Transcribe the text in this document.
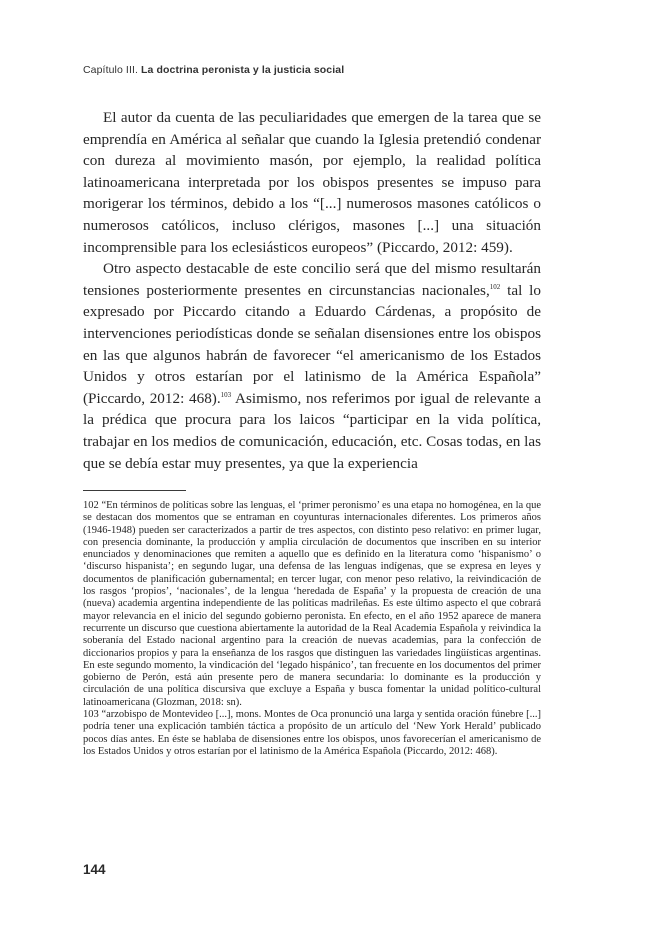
Capítulo III. La doctrina peronista y la justicia social

El autor da cuenta de las peculiaridades que emergen de la tarea que se emprendía en América al señalar que cuando la Iglesia pretendió condenar con dureza al movimiento masón, por ejemplo, la realidad política latinoamericana interpretada por los obispos presentes se impuso para morigerar los términos, debido a los “[...] numerosos masones católicos o numerosos católicos, incluso clérigos, masones [...] una situación incomprensible para los eclesiásticos europeos” (Piccardo, 2012: 459).

Otro aspecto destacable de este concilio será que del mismo resultarán tensiones posteriormente presentes en circunstancias nacionales,$^{102}$ tal lo expresado por Piccardo citando a Eduardo Cárdenas, a propósito de intervenciones periodísticas donde se señalan disensiones entre los obispos en las que algunos habrán de favorecer “el americanismo de los Estados Unidos y otros estarían por el latinismo de la América Española” (Piccardo, 2012: 468).$^{103}$ Asimismo, nos referimos por igual de relevante a la prédica que procura para los laicos “participar en la vida política, trabajar en los medios de comunicación, educación, etc. Cosas todas, en las que se debía estar muy presentes, ya que la experiencia

102 “En términos de políticas sobre las lenguas, el ‘primer peronismo’ es una etapa no homogénea, en la que se destacan dos momentos que se entraman en coyunturas internacionales diferentes. Los primeros años (1946-1948) pueden ser caracterizados a partir de tres aspectos, con distinto peso relativo: en primer lugar, con presencia dominante, la producción y amplia circulación de documentos que inscriben en su interior enunciados y denominaciones que remiten a aquello que es definido en la literatura como ‘hispanismo’ o ‘discurso hispanista’; en segundo lugar, una defensa de las lenguas indígenas, que se expresa en leyes y documentos de planificación gubernamental; en tercer lugar, con menor peso relativo, la reivindicación de los rasgos ‘propios’, ‘nacionales’, de la lengua ‘heredada de España’ y la propuesta de creación de una (nueva) academia argentina independiente de las políticas madrileñas. Es este último aspecto el que cobrará mayor relevancia en el inicio del segundo gobierno peronista. En efecto, en el año 1952 aparece de manera recurrente un discurso que cuestiona abiertamente la autoridad de la Real Academia Española y reivindica la soberanía del Estado nacional argentino para la creación de nuevas academias, para la confección de diccionarios propios y para la enseñanza de los rasgos que distinguen las variedades lingüísticas argentinas. En este segundo momento, la vindicación del ‘legado hispánico’, tan frecuente en los documentos del primer gobierno de Perón, está aún presente pero de manera secundaria: lo dominante es la producción y circulación de una política discursiva que excluye a España y busca fomentar la unidad político-cultural latinoamericana (Glozman, 2018: sn).

103 “arzobispo de Montevideo [...], mons. Montes de Oca pronunció una larga y sentida oración fúnebre [...] podría tener una explicación también táctica a propósito de un artículo del ‘New York Herald’ publicado pocos días antes. En éste se hablaba de disensiones entre los obispos, unos favorecerían el americanismo de los Estados Unidos y otros estarían por el latinismo de la América Española (Piccardo, 2012: 468).

144
